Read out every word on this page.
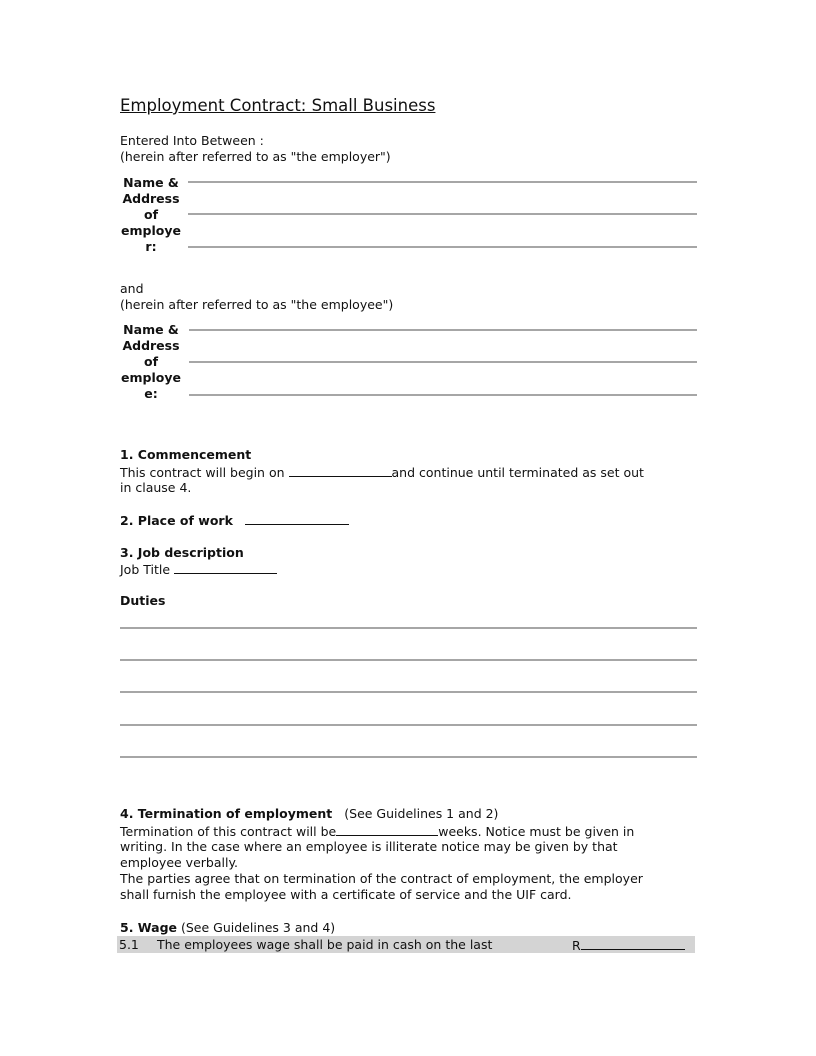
Employment Contract: Small Business
Entered Into Between :
(herein after referred to as "the employer")
Name &
Address
of
employe
r:
and
(herein after referred to as "the employee")
Name &
Address
of
employe
e:
1. Commencement
This contract will begin on	and continue until terminated as set out
in clause 4.
2. Place of work
3. Job description
Job Title
Duties
4. Termination of employment (See Guidelines 1 and 2)
Termination of this contract will be	weeks. Notice must be given in
writing. In the case where an employee is illiterate notice may be given by that
employee verbally.
The parties agree that on termination of the contract of employment, the employer
shall furnish the employee with a certificate of service and the UIF card.
5. Wage (See Guidelines 3 and 4)
5.1 The employees wage shall be paid in cash on the last	R
